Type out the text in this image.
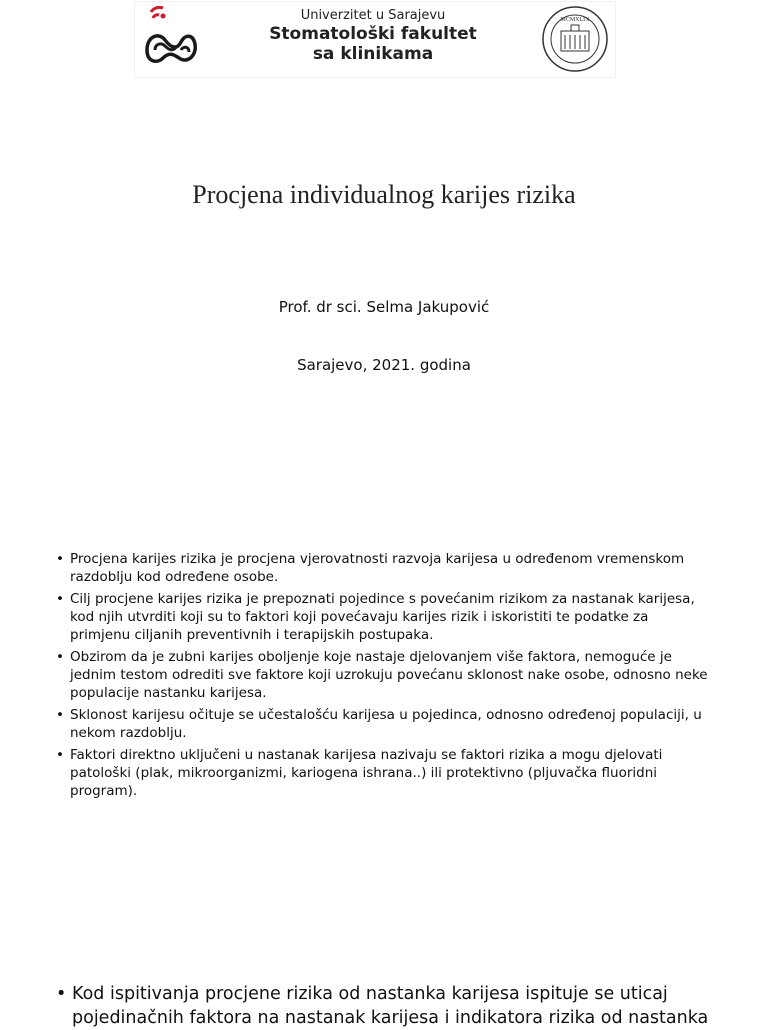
Univerzitet u Sarajevu
Stomatološki fakultet
sa klinikama
MCMXLIX
Procjena individualnog karijes rizika
Prof. dr sci. Selma Jakupović
Sarajevo, 2021. godina
• Procjena karijes rizika je procjena vjerovatnosti razvoja karijesa u određenom vremenskom razdoblju kod određene osobe.
• Cilj procjene karijes rizika je prepoznati pojedince s povećanim rizikom za nastanak karijesa, kod njih utvrditi koji su to faktori koji povećavaju karijes rizik i iskoristiti te podatke za primjenu ciljanih preventivnih i terapijskih postupaka.
• Obzirom da je zubni karijes oboljenje koje nastaje djelovanjem više faktora, nemoguće je jednim testom odrediti sve faktore koji uzrokuju povećanu sklonost nake osobe, odnosno neke populacije nastanku karijesa.
• Sklonost karijesu očituje se učestalošću karijesa u pojedinca, odnosno određenoj populaciji, u nekom razdoblju.
• Faktori direktno uključeni u nastanak karijesa nazivaju se faktori rizika a mogu djelovati patološki (plak, mikroorganizmi, kariogena ishrana..) ili protektivno (pljuvačka fluoridni program).
• Kod ispitivanja procjene rizika od nastanka karijesa ispituje se uticaj pojedinačnih faktora na nastanak karijesa i indikatora rizika od nastanka
